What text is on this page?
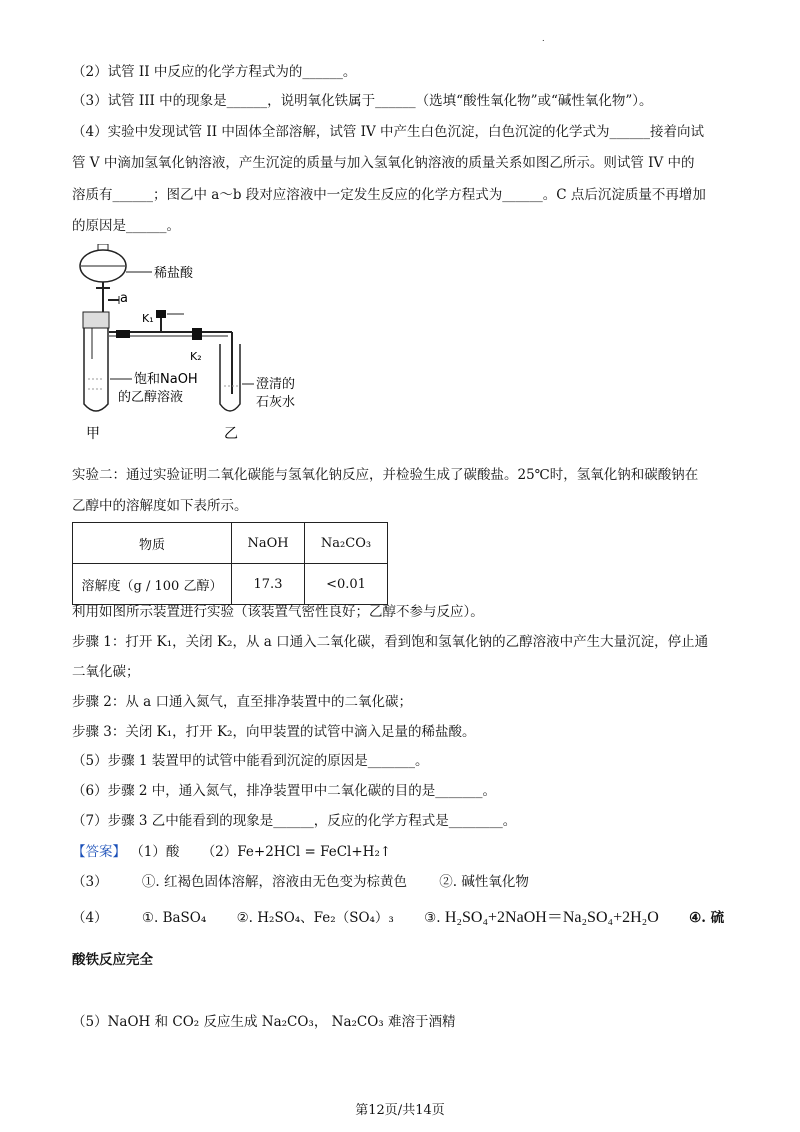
.
（2）试管 II 中反应的化学方程式为的______。
（3）试管 III 中的现象是______，说明氧化铁属于______（选填“酸性氧化物”或“碱性氧化物”）。
（4）实验中发现试管 II 中固体全部溶解，试管 IV 中产生白色沉淀，白色沉淀的化学式为______接着向试
管 V 中滴加氢氧化钠溶液，产生沉淀的质量与加入氢氧化钠溶液的质量关系如图乙所示。则试管 IV 中的
溶质有______；图乙中 a～b 段对应溶液中一定发生反应的化学方程式为______。C 点后沉淀质量不再增加
的原因是______。
稀盐酸
a
饱和NaOH
的乙醇溶液
K₁
K₂
澄清的
石灰水
甲	乙
实验二：通过实验证明二氧化碳能与氢氧化钠反应，并检验生成了碳酸盐。25℃时，氢氧化钠和碳酸钠在
乙醇中的溶解度如下表所示。
物质	NaOH	Na₂CO₃
溶解度（g / 100 乙醇）	17.3	<0.01
利用如图所示装置进行实验（该装置气密性良好；乙醇不参与反应）。
步骤 1：打开 K₁，关闭 K₂，从 a 口通入二氧化碳，看到饱和氢氧化钠的乙醇溶液中产生大量沉淀，停止通
二氧化碳；
步骤 2：从 a 口通入氮气，直至排净装置中的二氧化碳；
步骤 3：关闭 K₁，打开 K₂，向甲装置的试管中滴入足量的稀盐酸。
（5）步骤 1 装置甲的试管中能看到沉淀的原因是_______。
（6）步骤 2 中，通入氮气，排净装置甲中二氧化碳的目的是_______。
（7）步骤 3 乙中能看到的现象是______，反应的化学方程式是________。
【答案】 （1）酸 （2）Fe+2HCl = FeCl+H₂↑
（3）	①. 红褐色固体溶解，溶液由无色变为棕黄色 ②. 碱性氧化物
（4）	①. BaSO₄ ②. H₂SO₄、Fe₂（SO₄）₃ ③. H₂SO₄+2NaOH＝Na₂SO₄+2H₂O ④. 硫
酸铁反应完全
（5）NaOH 和 CO₂ 反应生成 Na₂CO₃， Na₂CO₃ 难溶于酒精
第12页/共14页
